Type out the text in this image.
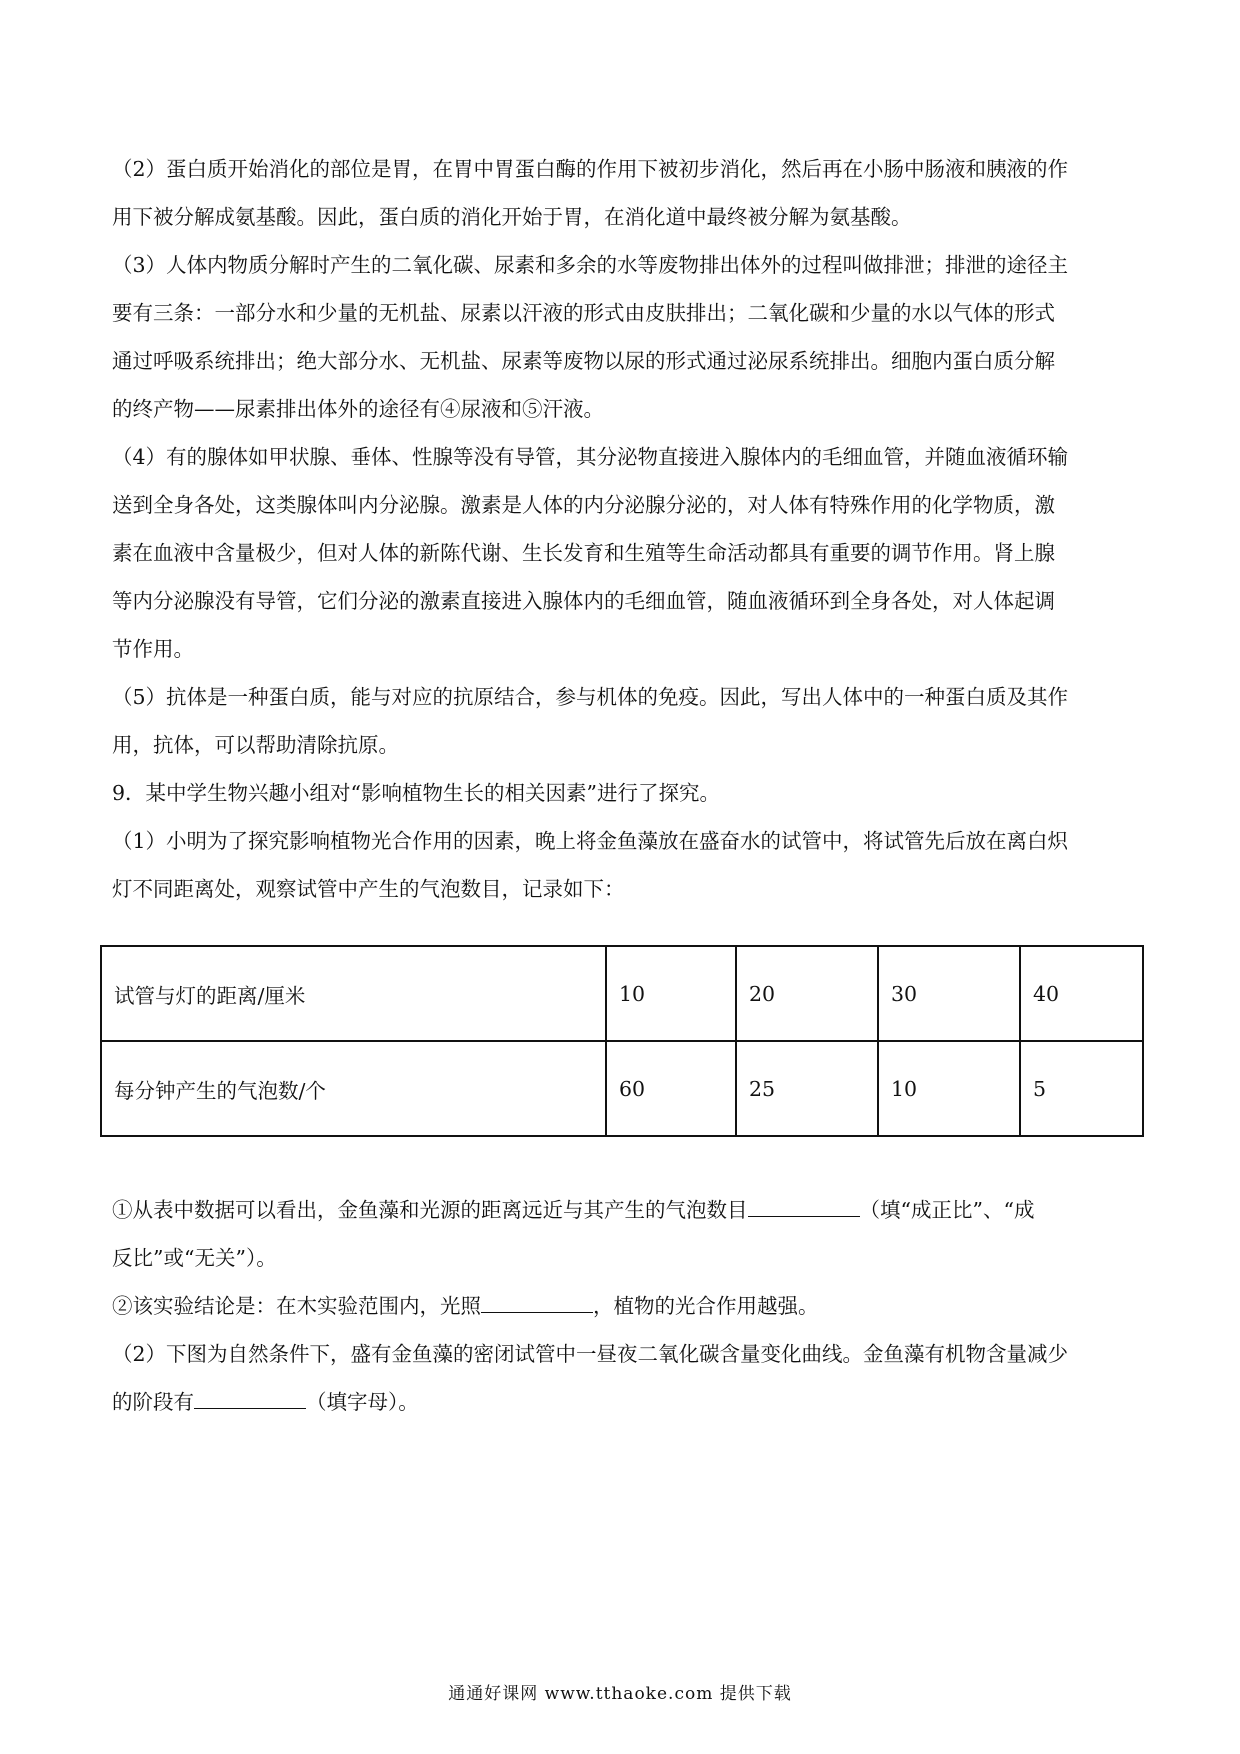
（2）蛋白质开始消化的部位是胃，在胃中胃蛋白酶的作用下被初步消化，然后再在小肠中肠液和胰液的作
用下被分解成氨基酸。因此，蛋白质的消化开始于胃，在消化道中最终被分解为氨基酸。

（3）人体内物质分解时产生的二氧化碳、尿素和多余的水等废物排出体外的过程叫做排泄；排泄的途径主
要有三条：一部分水和少量的无机盐、尿素以汗液的形式由皮肤排出；二氧化碳和少量的水以气体的形式
通过呼吸系统排出；绝大部分水、无机盐、尿素等废物以尿的形式通过泌尿系统排出。细胞内蛋白质分解
的终产物——尿素排出体外的途径有④尿液和⑤汗液。

（4）有的腺体如甲状腺、垂体、性腺等没有导管，其分泌物直接进入腺体内的毛细血管，并随血液循环输
送到全身各处，这类腺体叫内分泌腺。激素是人体的内分泌腺分泌的，对人体有特殊作用的化学物质，激
素在血液中含量极少，但对人体的新陈代谢、生长发育和生殖等生命活动都具有重要的调节作用。肾上腺
等内分泌腺没有导管，它们分泌的激素直接进入腺体内的毛细血管，随血液循环到全身各处，对人体起调
节作用。

（5）抗体是一种蛋白质，能与对应的抗原结合，参与机体的免疫。因此，写出人体中的一种蛋白质及其作
用，抗体，可以帮助清除抗原。

9．某中学生物兴趣小组对“影响植物生长的相关因素”进行了探究。
（1）小明为了探究影响植物光合作用的因素，晚上将金鱼藻放在盛奋水的试管中，将试管先后放在离白炽
灯不同距离处，观察试管中产生的气泡数目，记录如下：

试管与灯的距离/厘米	10	20	30	40
每分钟产生的气泡数/个	60	25	10	5

①从表中数据可以看出，金鱼藻和光源的距离远近与其产生的气泡数目	（填“成正比”、“成
反比”或“无关”）。
②该实验结论是：在木实验范围内，光照	，植物的光合作用越强。

（2）下图为自然条件下，盛有金鱼藻的密闭试管中一昼夜二氧化碳含量变化曲线。金鱼藻有机物含量减少
的阶段有	（填字母）。

通通好课网 www.tthaoke.com 提供下载
